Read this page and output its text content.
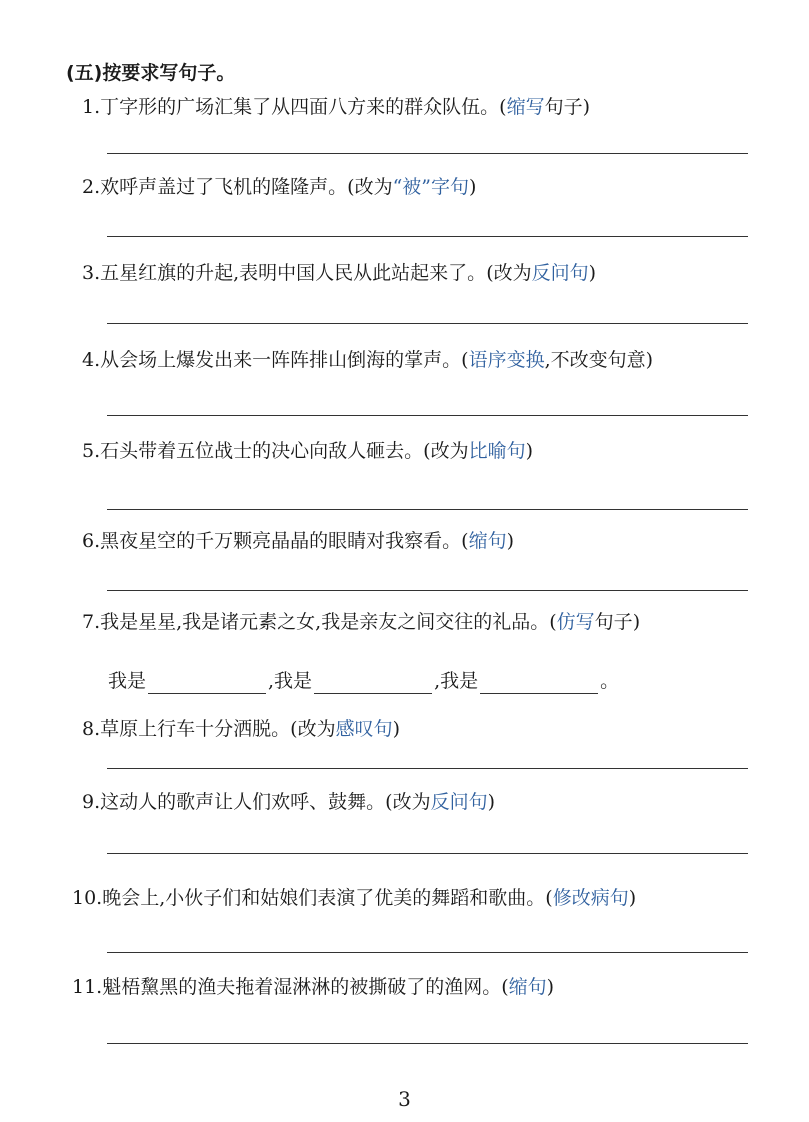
(五)按要求写句子。
1.丁字形的广场汇集了从四面八方来的群众队伍。(缩写句子)
2.欢呼声盖过了飞机的隆隆声。(改为“被”字句)
3.五星红旗的升起,表明中国人民从此站起来了。(改为反问句)
4.从会场上爆发出来一阵阵排山倒海的掌声。(语序变换,不改变句意)
5.石头带着五位战士的决心向敌人砸去。(改为比喻句)
6.黑夜星空的千万颗亮晶晶的眼睛对我察看。(缩句)
7.我是星星,我是诸元素之女,我是亲友之间交往的礼品。(仿写句子)
我是	,我是	,我是	。
8.草原上行车十分洒脱。(改为感叹句)
9.这动人的歌声让人们欢呼、鼓舞。(改为反问句)
10.晚会上,小伙子们和姑娘们表演了优美的舞蹈和歌曲。(修改病句)
11.魁梧黧黑的渔夫拖着湿淋淋的被撕破了的渔网。(缩句)
3
